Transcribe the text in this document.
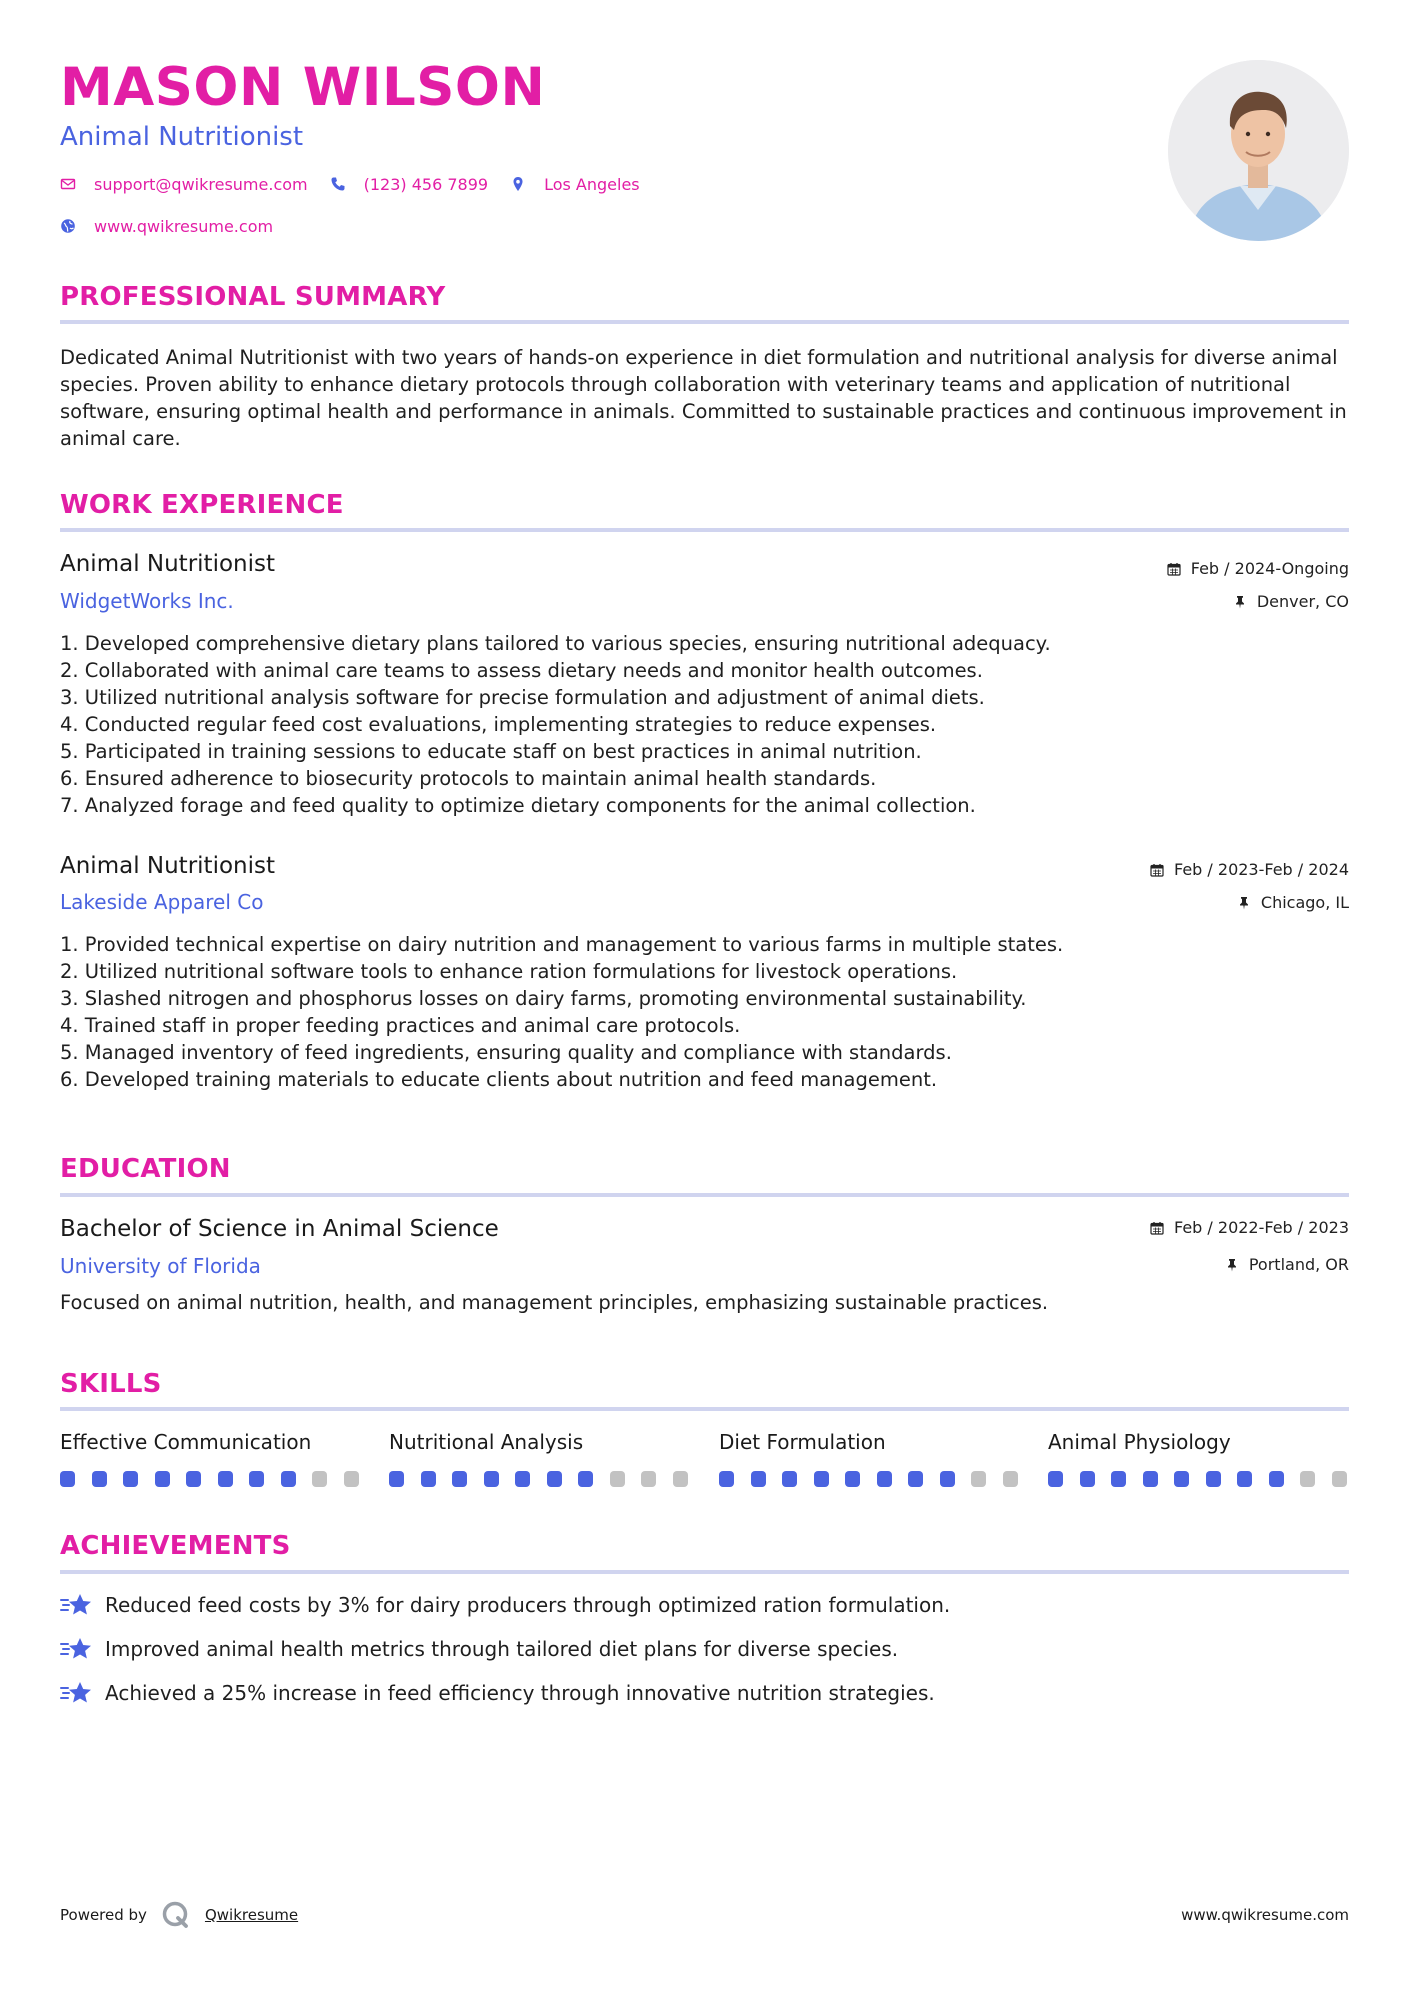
MASON WILSON
Animal Nutritionist
support@qwikresume.com	(123) 456 7899	Los Angeles
www.qwikresume.com
PROFESSIONAL SUMMARY
Dedicated Animal Nutritionist with two years of hands-on experience in diet formulation and nutritional analysis for diverse animal species. Proven ability to enhance dietary protocols through collaboration with veterinary teams and application of nutritional software, ensuring optimal health and performance in animals. Committed to sustainable practices and continuous improvement in animal care.
WORK EXPERIENCE
Animal Nutritionist	Feb / 2024-Ongoing
WidgetWorks Inc.	Denver, CO
1. Developed comprehensive dietary plans tailored to various species, ensuring nutritional adequacy.
2. Collaborated with animal care teams to assess dietary needs and monitor health outcomes.
3. Utilized nutritional analysis software for precise formulation and adjustment of animal diets.
4. Conducted regular feed cost evaluations, implementing strategies to reduce expenses.
5. Participated in training sessions to educate staff on best practices in animal nutrition.
6. Ensured adherence to biosecurity protocols to maintain animal health standards.
7. Analyzed forage and feed quality to optimize dietary components for the animal collection.
Animal Nutritionist	Feb / 2023-Feb / 2024
Lakeside Apparel Co	Chicago, IL
1. Provided technical expertise on dairy nutrition and management to various farms in multiple states.
2. Utilized nutritional software tools to enhance ration formulations for livestock operations.
3. Slashed nitrogen and phosphorus losses on dairy farms, promoting environmental sustainability.
4. Trained staff in proper feeding practices and animal care protocols.
5. Managed inventory of feed ingredients, ensuring quality and compliance with standards.
6. Developed training materials to educate clients about nutrition and feed management.
EDUCATION
Bachelor of Science in Animal Science	Feb / 2022-Feb / 2023
University of Florida	Portland, OR
Focused on animal nutrition, health, and management principles, emphasizing sustainable practices.
SKILLS
Effective Communication	Nutritional Analysis	Diet Formulation	Animal Physiology
ACHIEVEMENTS
Reduced feed costs by 3% for dairy producers through optimized ration formulation.
Improved animal health metrics through tailored diet plans for diverse species.
Achieved a 25% increase in feed efficiency through innovative nutrition strategies.
Powered by	Qwikresume	www.qwikresume.com
